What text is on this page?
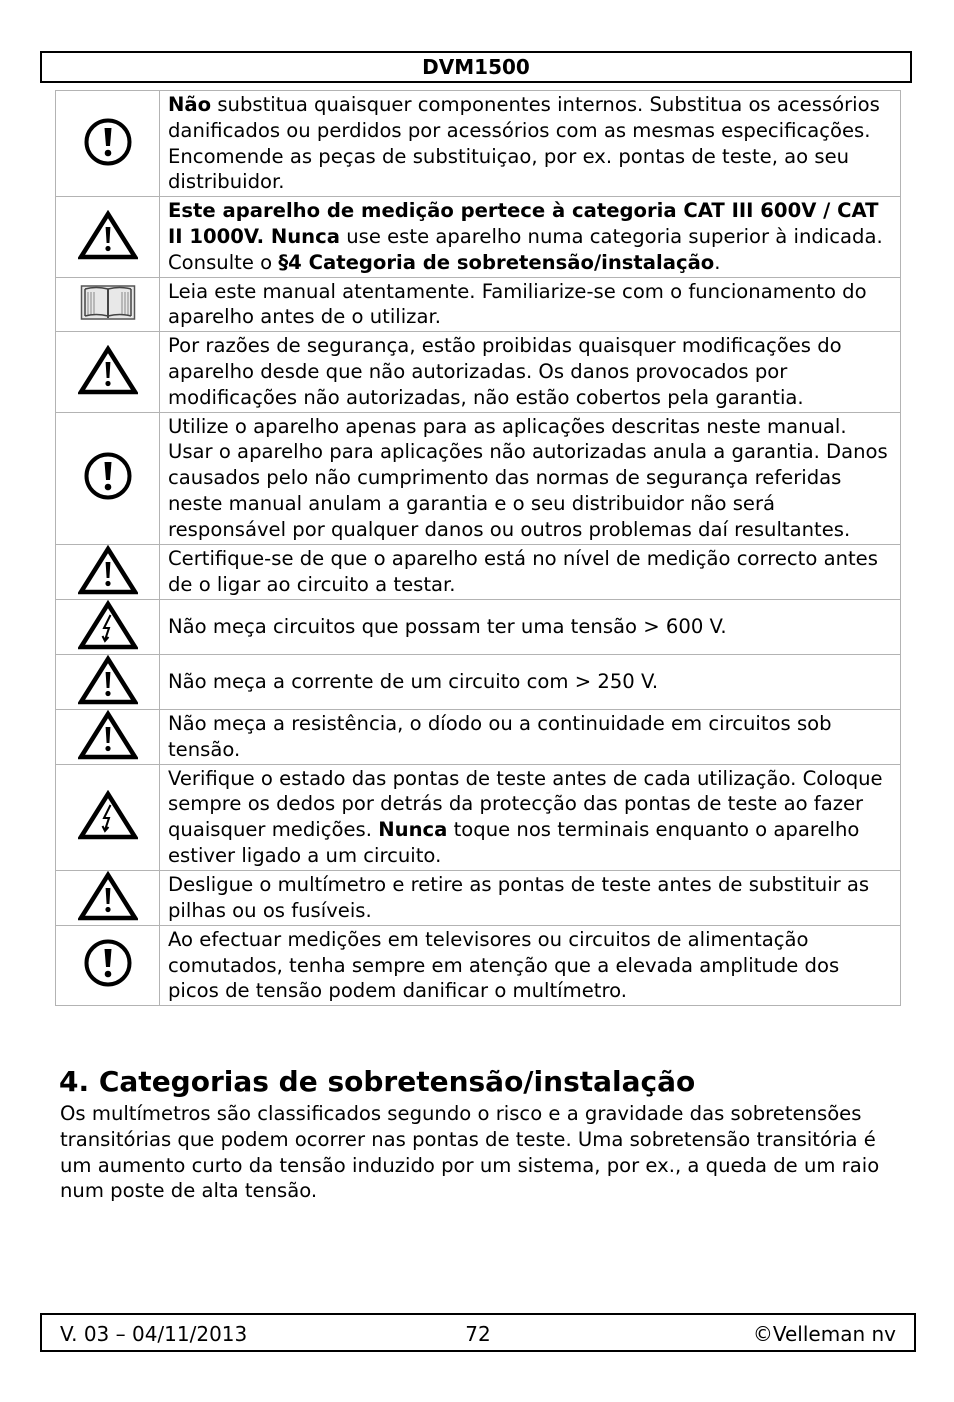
DVM1500
	Não substitua quaisquer componentes internos. Substitua os acessórios danificados ou perdidos por acessórios com as mesmas especificações. Encomende as peças de substituiçao, por ex. pontas de teste, ao seu distribuidor.
	Este aparelho de medição pertece à categoria CAT III 600V / CAT II 1000V. Nunca use este aparelho numa categoria superior à indicada. Consulte o §4 Categoria de sobretensão/instalação.
	Leia este manual atentamente. Familiarize-se com o funcionamento do aparelho antes de o utilizar.
	Por razões de segurança, estão proibidas quaisquer modificações do aparelho desde que não autorizadas. Os danos provocados por modificações não autorizadas, não estão cobertos pela garantia.
	Utilize o aparelho apenas para as aplicações descritas neste manual. Usar o aparelho para aplicações não autorizadas anula a garantia. Danos causados pelo não cumprimento das normas de segurança referidas neste manual anulam a garantia e o seu distribuidor não será responsável por qualquer danos ou outros problemas daí resultantes.
	Certifique-se de que o aparelho está no nível de medição correcto antes de o ligar ao circuito a testar.
	Não meça circuitos que possam ter uma tensão > 600 V.
	Não meça a corrente de um circuito com > 250 V.
	Não meça a resistência, o díodo ou a continuidade em circuitos sob tensão.
	Verifique o estado das pontas de teste antes de cada utilização. Coloque sempre os dedos por detrás da protecção das pontas de teste ao fazer quaisquer medições. Nunca toque nos terminais enquanto o aparelho estiver ligado a um circuito.
	Desligue o multímetro e retire as pontas de teste antes de substituir as pilhas ou os fusíveis.
	Ao efectuar medições em televisores ou circuitos de alimentação comutados, tenha sempre em atenção que a elevada amplitude dos picos de tensão podem danificar o multímetro.
4. Categorias de sobretensão/instalação
Os multímetros são classificados segundo o risco e a gravidade das sobretensões transitórias que podem ocorrer nas pontas de teste. Uma sobretensão transitória é um aumento curto da tensão induzido por um sistema, por ex., a queda de um raio num poste de alta tensão.
V. 03 – 04/11/2013	72	©Velleman nv
